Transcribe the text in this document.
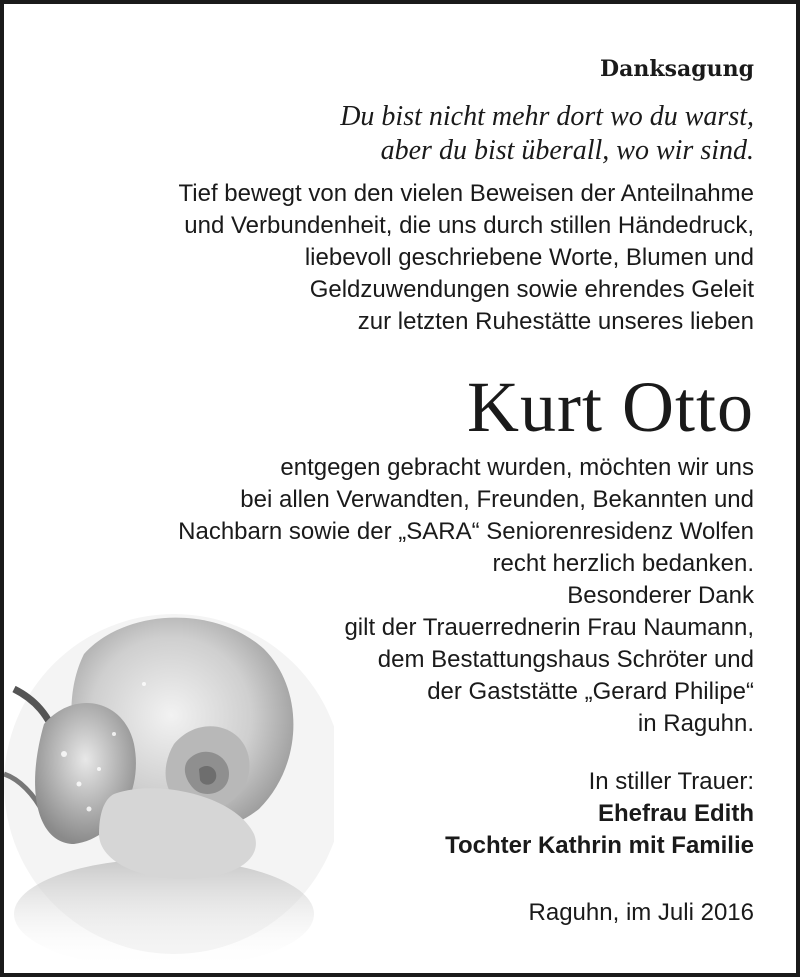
Danksagung
Du bist nicht mehr dort wo du warst,
aber du bist überall, wo wir sind.
Tief bewegt von den vielen Beweisen der Anteilnahme
und Verbundenheit, die uns durch stillen Händedruck,
liebevoll geschriebene Worte, Blumen und
Geldzuwendungen sowie ehrendes Geleit
zur letzten Ruhestätte unseres lieben
Kurt Otto
entgegen gebracht wurden, möchten wir uns
bei allen Verwandten, Freunden, Bekannten und
Nachbarn sowie der „SARA“ Seniorenresidenz Wolfen
recht herzlich bedanken.
Besonderer Dank
gilt der Trauerrednerin Frau Naumann,
dem Bestattungshaus Schröter und
der Gaststätte „Gerard Philipe“
in Raguhn.
In stiller Trauer:
Ehefrau Edith
Tochter Kathrin mit Familie
Raguhn, im Juli 2016
